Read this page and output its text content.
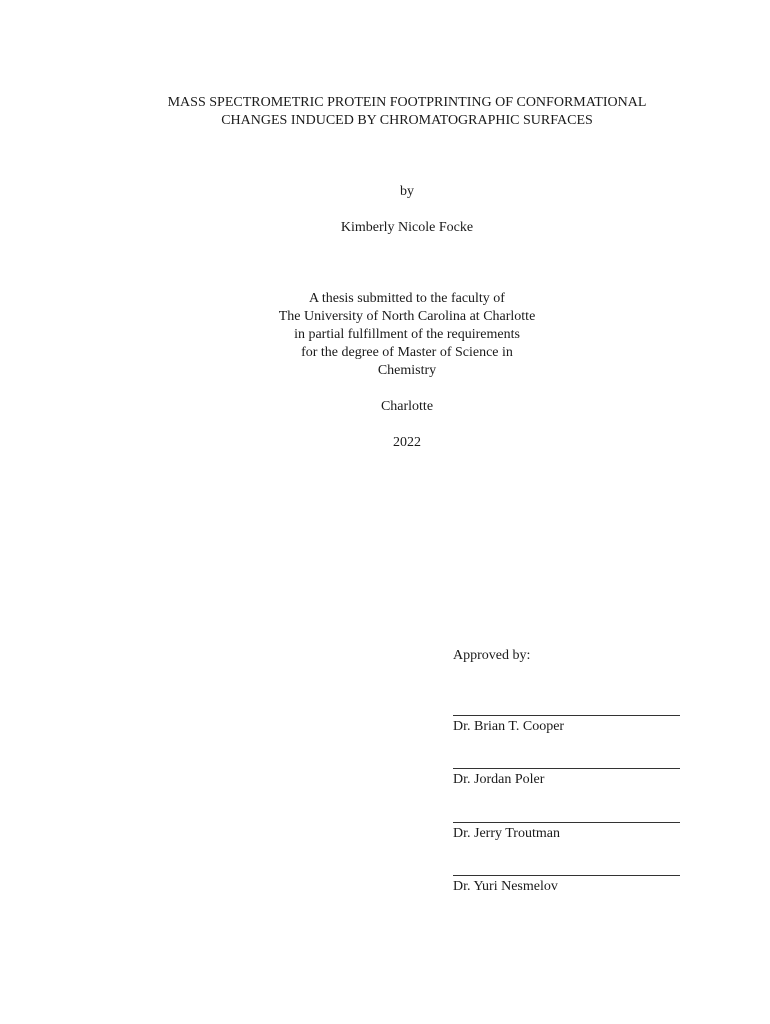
MASS SPECTROMETRIC PROTEIN FOOTPRINTING OF CONFORMATIONAL
CHANGES INDUCED BY CHROMATOGRAPHIC SURFACES
by
Kimberly Nicole Focke
A thesis submitted to the faculty of
The University of North Carolina at Charlotte
in partial fulfillment of the requirements
for the degree of Master of Science in
Chemistry
Charlotte
2022
Approved by:
Dr. Brian T. Cooper
Dr. Jordan Poler
Dr. Jerry Troutman
Dr. Yuri Nesmelov
